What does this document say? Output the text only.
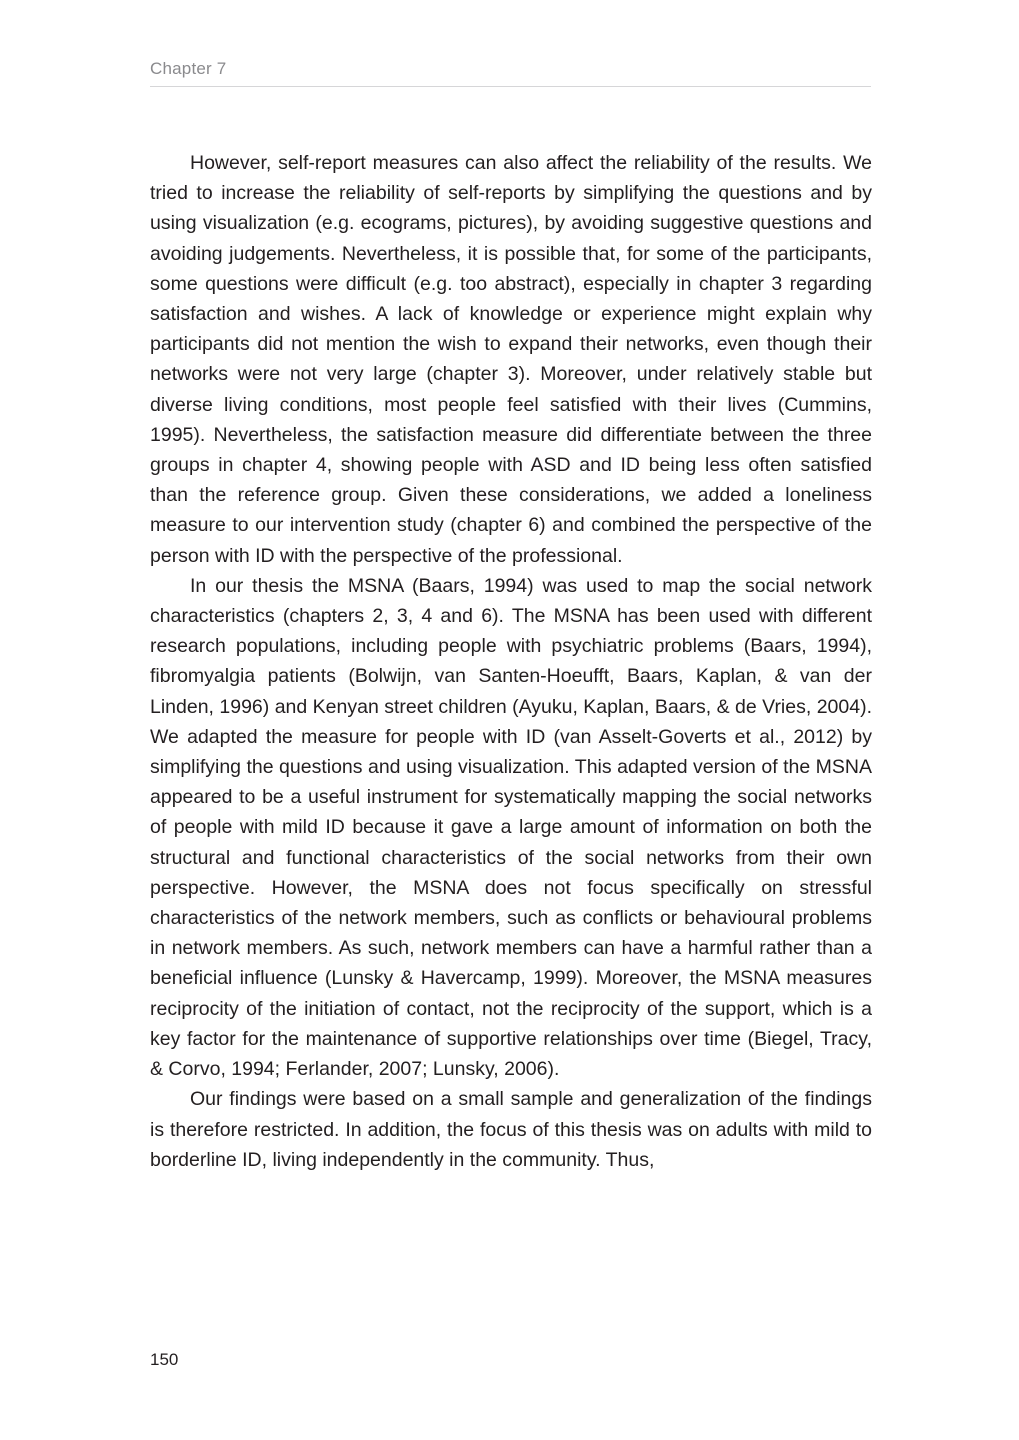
Chapter 7

However, self-report measures can also affect the reliability of the results. We tried to increase the reliability of self-reports by simplifying the questions and by using visualization (e.g. ecograms, pictures), by avoiding suggestive questions and avoiding judgements. Nevertheless, it is possible that, for some of the participants, some questions were difficult (e.g. too abstract), especially in chapter 3 regarding satisfaction and wishes. A lack of knowledge or experience might explain why participants did not mention the wish to expand their networks, even though their networks were not very large (chapter 3). Moreover, under relatively stable but diverse living conditions, most people feel satisfied with their lives (Cummins, 1995). Nevertheless, the satisfaction measure did differentiate between the three groups in chapter 4, showing people with ASD and ID being less often satisfied than the reference group. Given these considerations, we added a loneliness measure to our intervention study (chapter 6) and combined the perspective of the person with ID with the perspective of the professional.

In our thesis the MSNA (Baars, 1994) was used to map the social network characteristics (chapters 2, 3, 4 and 6). The MSNA has been used with different research populations, including people with psychiatric problems (Baars, 1994), fibromyalgia patients (Bolwijn, van Santen-Hoeufft, Baars, Kaplan, & van der Linden, 1996) and Kenyan street children (Ayuku, Kaplan, Baars, & de Vries, 2004). We adapted the measure for people with ID (van Asselt-Goverts et al., 2012) by simplifying the questions and using visualization. This adapted version of the MSNA appeared to be a useful instrument for systematically mapping the social networks of people with mild ID because it gave a large amount of information on both the structural and functional characteristics of the social networks from their own perspective. However, the MSNA does not focus specifically on stressful characteristics of the network members, such as conflicts or behavioural problems in network members. As such, network members can have a harmful rather than a beneficial influence (Lunsky & Havercamp, 1999). Moreover, the MSNA measures reciprocity of the initiation of contact, not the reciprocity of the support, which is a key factor for the maintenance of supportive relationships over time (Biegel, Tracy, & Corvo, 1994; Ferlander, 2007; Lunsky, 2006).

Our findings were based on a small sample and generalization of the findings is therefore restricted. In addition, the focus of this thesis was on adults with mild to borderline ID, living independently in the community. Thus,

150
